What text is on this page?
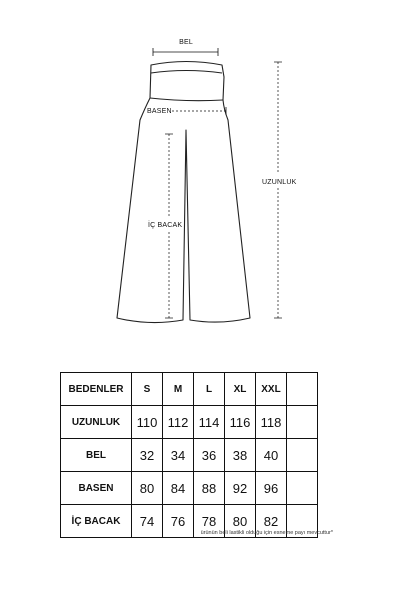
BEL
BASEN
İÇ BACAK
UZUNLUK
BEDENLER	S	M	L	XL	XXL	
UZUNLUK	110	112	114	116	118	
BEL	32	34	36	38	40	
BASEN	80	84	88	92	96	
İÇ BACAK	74	76	78	80	82	
ürünün beli lastikli olduğu için esneme payı mevcuttur*
